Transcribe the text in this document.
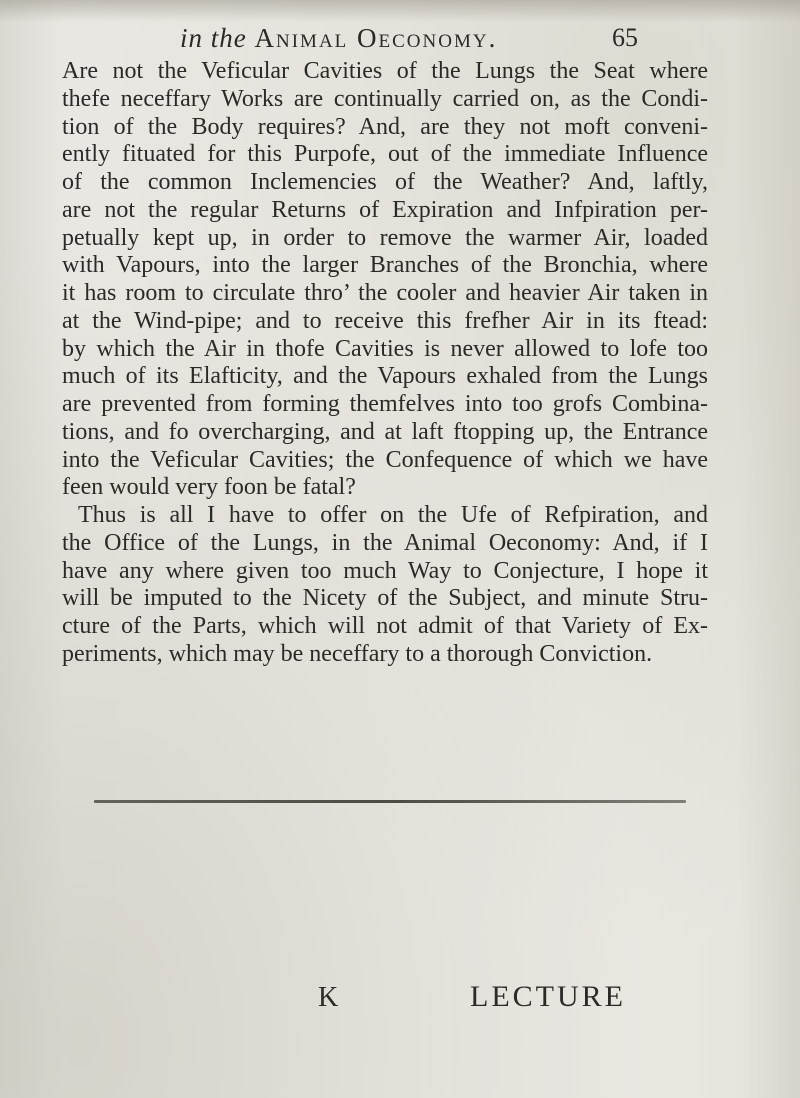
in the Animal Oeconomy.	65
Are not the Veficular Cavities of the Lungs the Seat where
thefe neceffary Works are continually carried on, as the Condi-
tion of the Body requires? And, are they not moft conveni-
ently fituated for this Purpofe, out of the immediate Influence
of the common Inclemencies of the Weather? And, laftly,
are not the regular Returns of Expiration and Infpiration per-
petually kept up, in order to remove the warmer Air, loaded
with Vapours, into the larger Branches of the Bronchia, where
it has room to circulate thro’ the cooler and heavier Air taken in
at the Wind-pipe; and to receive this frefher Air in its ftead:
by which the Air in thofe Cavities is never allowed to lofe too
much of its Elafticity, and the Vapours exhaled from the Lungs
are prevented from forming themfelves into too grofs Combina-
tions, and fo overcharging, and at laft ftopping up, the Entrance
into the Veficular Cavities; the Confequence of which we have
feen would very foon be fatal?
Thus is all I have to offer on the Ufe of Refpiration, and
the Office of the Lungs, in the Animal Oeconomy: And, if I
have any where given too much Way to Conjecture, I hope it
will be imputed to the Nicety of the Subject, and minute Stru-
cture of the Parts, which will not admit of that Variety of Ex-
periments, which may be neceffary to a thorough Conviction.
K	LECTURE
